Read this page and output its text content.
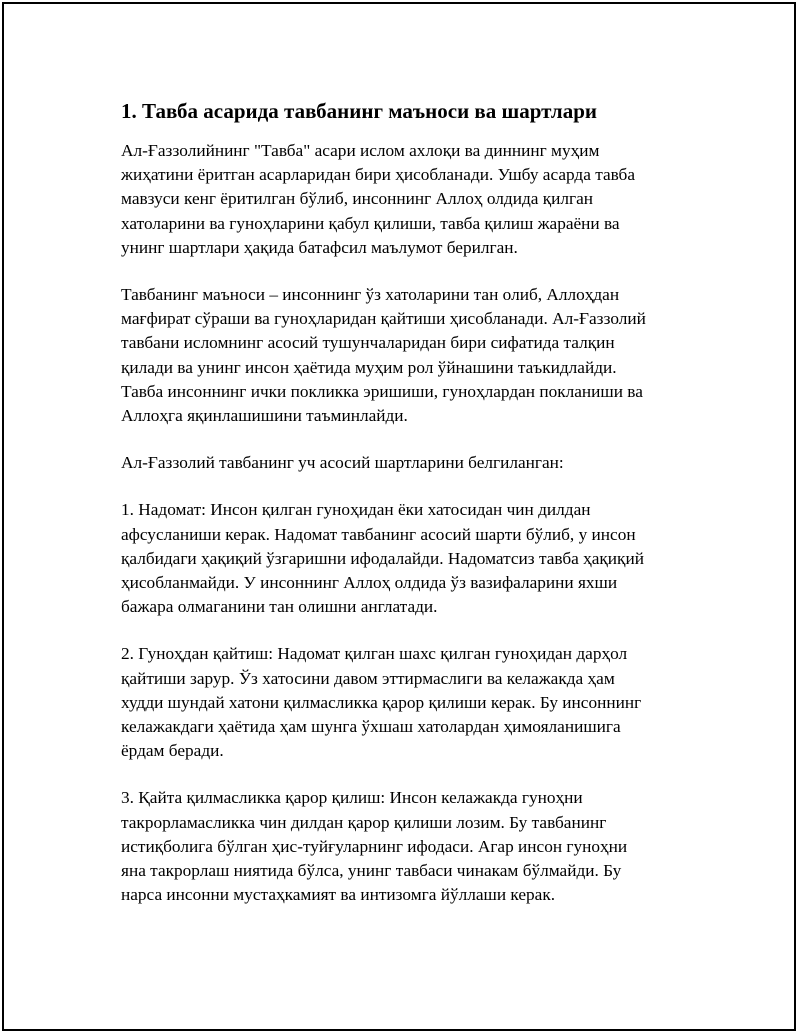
1. Тавба асарида тавбанинг маъноси ва шартлари
Ал-Ғаззолийнинг "Тавба" асари ислом ахлоқи ва диннинг муҳим
жиҳатини ёритган асарларидан бири ҳисобланади. Ушбу асарда тавба
мавзуси кенг ёритилган бўлиб, инсоннинг Аллоҳ олдида қилган
хатоларини ва гуноҳларини қабул қилиши, тавба қилиш жараёни ва
унинг шартлари ҳақида батафсил маълумот берилган.
Тавбанинг маъноси – инсоннинг ўз хатоларини тан олиб, Аллоҳдан
мағфират сўраши ва гуноҳларидан қайтиши ҳисобланади. Ал-Ғаззолий
тавбани исломнинг асосий тушунчаларидан бири сифатида талқин
қилади ва унинг инсон ҳаётида муҳим рол ўйнашини таъкидлайди.
Тавба инсоннинг ички покликка эришиши, гуноҳлардан покланиши ва
Аллоҳга яқинлашишини таъминлайди.
Ал-Ғаззолий тавбанинг уч асосий шартларини белгиланган:
1. Надомат: Инсон қилган гуноҳидан ёки хатосидан чин дилдан
афсусланиши керак. Надомат тавбанинг асосий шарти бўлиб, у инсон
қалбидаги ҳақиқий ўзгаришни ифодалайди. Надоматсиз тавба ҳақиқий
ҳисобланмайди. У инсоннинг Аллоҳ олдида ўз вазифаларини яхши
бажара олмаганини тан олишни англатади.
2. Гуноҳдан қайтиш: Надомат қилган шахс қилган гуноҳидан дарҳол
қайтиши зарур. Ўз хатосини давом эттирмаслиги ва келажакда ҳам
худди шундай хатони қилмасликка қарор қилиши керак. Бу инсоннинг
келажакдаги ҳаётида ҳам шунга ўхшаш хатолардан ҳимояланишига
ёрдам беради.
3. Қайта қилмасликка қарор қилиш: Инсон келажакда гуноҳни
такрорламасликка чин дилдан қарор қилиши лозим. Бу тавбанинг
истиқболига бўлган ҳис-туйғуларнинг ифодаси. Агар инсон гуноҳни
яна такрорлаш ниятида бўлса, унинг тавбаси чинакам бўлмайди. Бу
нарса инсонни мустаҳкамият ва интизомга йўллаши керак.
